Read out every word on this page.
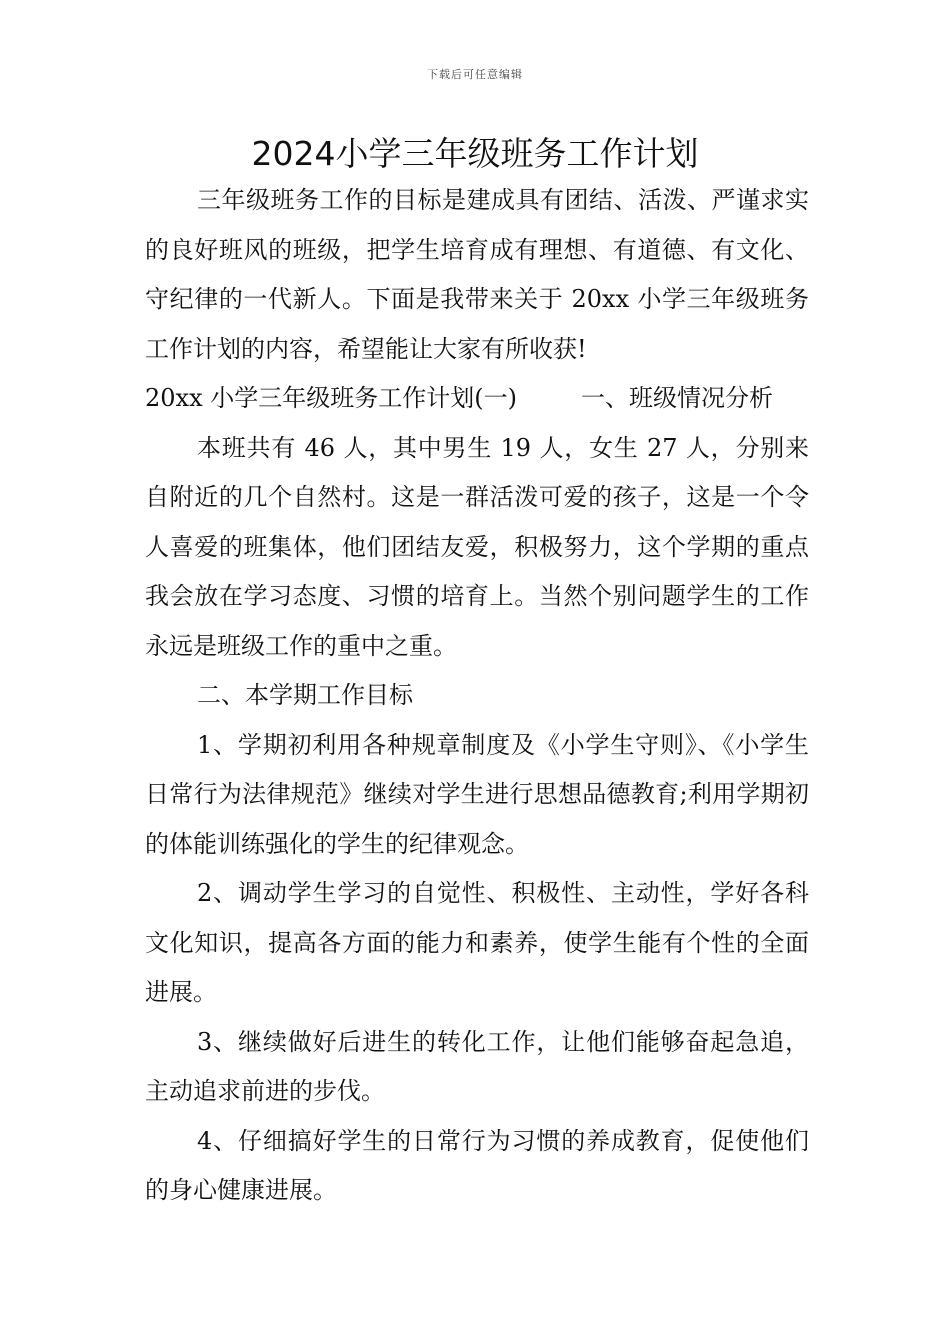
下载后可任意编辑
2024小学三年级班务工作计划

三年级班务工作的目标是建成具有团结、活泼、严谨求实的良好班风的班级，把学生培育成有理想、有道德、有文化、守纪律的一代新人。下面是我带来关于 20xx 小学三年级班务工作计划的内容，希望能让大家有所收获!

20xx 小学三年级班务工作计划(一)	一、班级情况分析

本班共有 46 人，其中男生 19 人，女生 27 人，分别来自附近的几个自然村。这是一群活泼可爱的孩子，这是一个令人喜爱的班集体，他们团结友爱，积极努力，这个学期的重点我会放在学习态度、习惯的培育上。当然个别问题学生的工作永远是班级工作的重中之重。

二、本学期工作目标

1、学期初利用各种规章制度及《小学生守则》、《小学生日常行为法律规范》继续对学生进行思想品德教育;利用学期初的体能训练强化的学生的纪律观念。

2、调动学生学习的自觉性、积极性、主动性，学好各科文化知识，提高各方面的能力和素养，使学生能有个性的全面进展。

3、继续做好后进生的转化工作，让他们能够奋起急追，主动追求前进的步伐。

4、仔细搞好学生的日常行为习惯的养成教育，促使他们的身心健康进展。
